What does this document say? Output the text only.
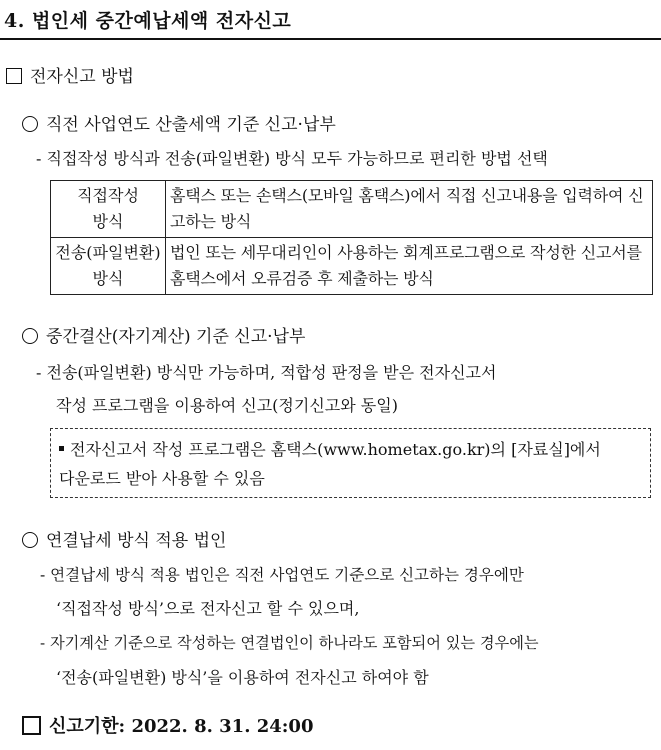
4. 법인세 중간예납세액 전자신고
전자신고 방법
직전 사업연도 산출세액 기준 신고·납부
- 직접작성 방식과 전송(파일변환) 방식 모두 가능하므로 편리한 방법 선택
직접작성
방식	홈택스 또는 손택스(모바일 홈택스)에서 직접 신고내용을 입력하여 신고하는 방식

전송(파일변환)
방식	법인 또는 세무대리인이 사용하는 회계프로그램으로 작성한 신고서를 홈택스에서 오류검증 후 제출하는 방식
중간결산(자기계산) 기준 신고·납부
- 전송(파일변환) 방식만 가능하며, 적합성 판정을 받은 전자신고서
작성 프로그램을 이용하여 신고(정기신고와 동일)
전자신고서 작성 프로그램은 홈택스(www.hometax.go.kr)의 [자료실]에서
다운로드 받아 사용할 수 있음
연결납세 방식 적용 법인
- 연결납세 방식 적용 법인은 직전 사업연도 기준으로 신고하는 경우에만
‘직접작성 방식’으로 전자신고 할 수 있으며,
- 자기계산 기준으로 작성하는 연결법인이 하나라도 포함되어 있는 경우에는
‘전송(파일변환) 방식’을 이용하여 전자신고 하여야 함
신고기한: 2022. 8. 31. 24:00
